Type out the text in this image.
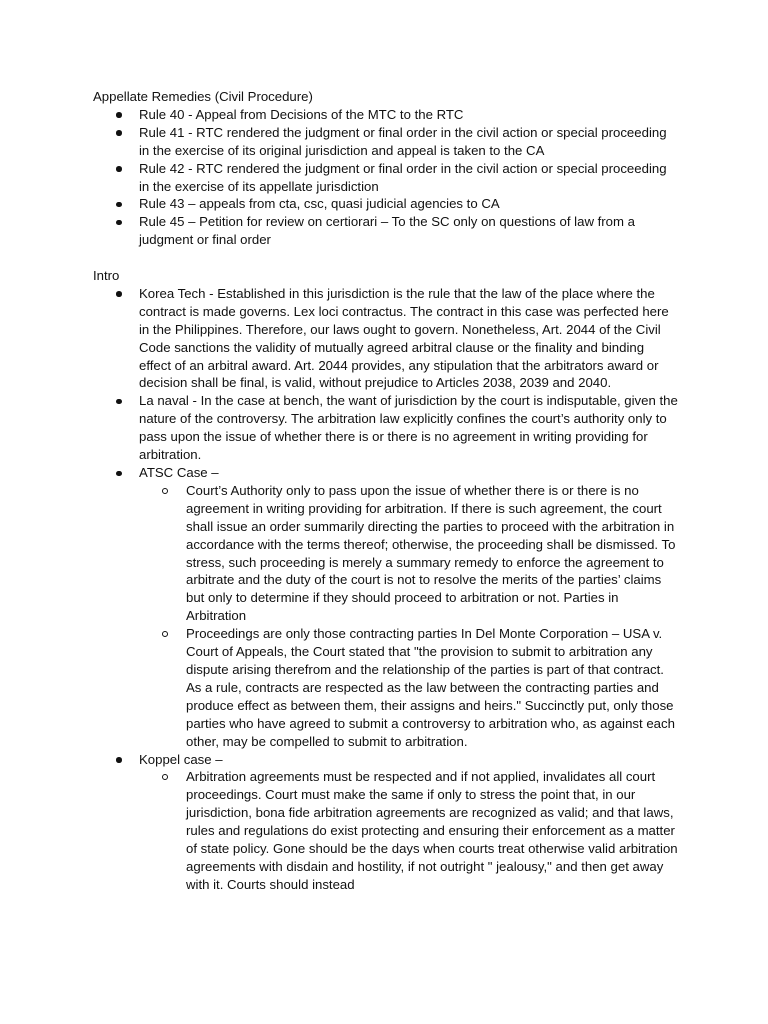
Appellate Remedies (Civil Procedure)

Rule 40 - Appeal from Decisions of the MTC to the RTC
Rule 41 - RTC rendered the judgment or final order in the civil action or special proceeding in the exercise of its original jurisdiction and appeal is taken to the CA
Rule 42 - RTC rendered the judgment or final order in the civil action or special proceeding in the exercise of its appellate jurisdiction
Rule 43 – appeals from cta, csc, quasi judicial agencies to CA
Rule 45 – Petition for review on certiorari – To the SC only on questions of law from a judgment or final order

Intro

Korea Tech - Established in this jurisdiction is the rule that the law of the place where the contract is made governs. Lex loci contractus. The contract in this case was perfected here in the Philippines. Therefore, our laws ought to govern. Nonetheless, Art. 2044 of the Civil Code sanctions the validity of mutually agreed arbitral clause or the finality and binding effect of an arbitral award. Art. 2044 provides, any stipulation that the arbitrators award or decision shall be final, is valid, without prejudice to Articles 2038, 2039 and 2040.
La naval - In the case at bench, the want of jurisdiction by the court is indisputable, given the nature of the controversy. The arbitration law explicitly confines the court’s authority only to pass upon the issue of whether there is or there is no agreement in writing providing for arbitration.
ATSC Case –
Court’s Authority only to pass upon the issue of whether there is or there is no agreement in writing providing for arbitration. If there is such agreement, the court shall issue an order summarily directing the parties to proceed with the arbitration in accordance with the terms thereof; otherwise, the proceeding shall be dismissed. To stress, such proceeding is merely a summary remedy to enforce the agreement to arbitrate and the duty of the court is not to resolve the merits of the parties’ claims but only to determine if they should proceed to arbitration or not. Parties in Arbitration
Proceedings are only those contracting parties In Del Monte Corporation – USA v. Court of Appeals, the Court stated that "the provision to submit to arbitration any dispute arising therefrom and the relationship of the parties is part of that contract. As a rule, contracts are respected as the law between the contracting parties and produce effect as between them, their assigns and heirs." Succinctly put, only those parties who have agreed to submit a controversy to arbitration who, as against each other, may be compelled to submit to arbitration.
Koppel case –
Arbitration agreements must be respected and if not applied, invalidates all court proceedings. Court must make the same if only to stress the point that, in our jurisdiction, bona fide arbitration agreements are recognized as valid; and that laws, rules and regulations do exist protecting and ensuring their enforcement as a matter of state policy. Gone should be the days when courts treat otherwise valid arbitration agreements with disdain and hostility, if not outright " jealousy," and then get away with it. Courts should instead
